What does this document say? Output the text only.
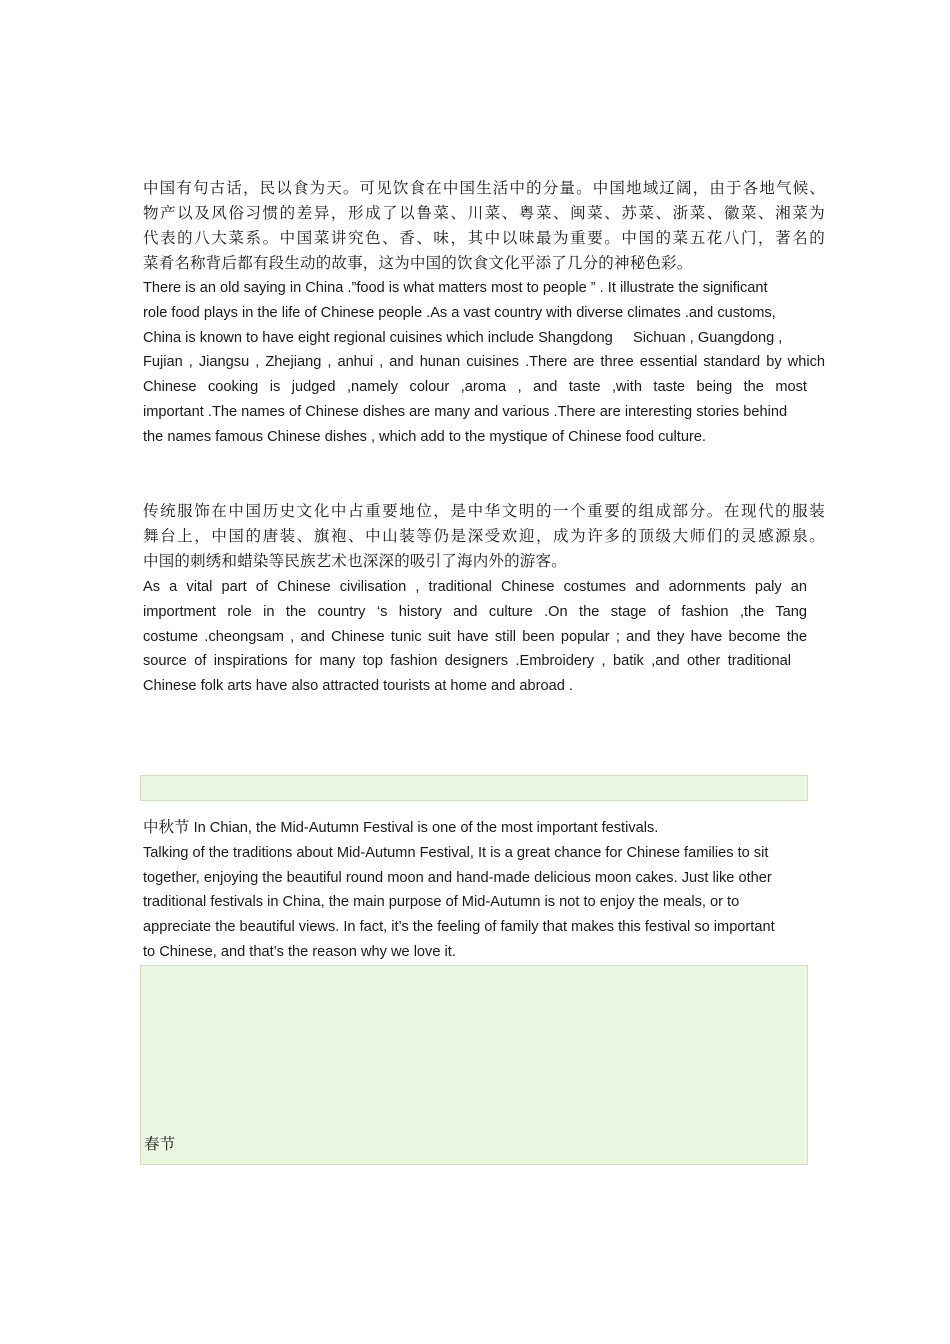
中国有句古话，民以食为天。可见饮食在中国生活中的分量。中国地域辽阔，由于各地气候、
物产以及风俗习惯的差异，形成了以鲁菜、川菜、粤菜、闽菜、苏菜、浙菜、徽菜、湘菜为
代表的八大菜系。中国菜讲究色、香、味，其中以味最为重要。中国的菜五花八门，著名的
菜肴名称背后都有段生动的故事，这为中国的饮食文化平添了几分的神秘色彩。
There is an old saying in China .”food is what matters most to people ” . It illustrate the significant
role food plays in the life of Chinese people .As a vast country with diverse climates .and customs,
China is known to have eight regional cuisines which include Shangdong     Sichuan , Guangdong ,
Fujian , Jiangsu , Zhejiang , anhui , and hunan cuisines .There are three essential standard by which
Chinese cooking is judged ,namely colour ,aroma , and taste ,with taste being the most
important .The names of Chinese dishes are many and various .There are interesting stories behind
the names famous Chinese dishes , which add to the mystique of Chinese food culture.
传统服饰在中国历史文化中占重要地位，是中华文明的一个重要的组成部分。在现代的服装
舞台上，中国的唐装、旗袍、中山装等仍是深受欢迎，成为许多的顶级大师们的灵感源泉。
中国的刺绣和蜡染等民族艺术也深深的吸引了海内外的游客。
As a vital part of Chinese civilisation , traditional Chinese costumes and adornments paly an
importment role in the country ‘s history and culture .On the stage of fashion ,the Tang
costume .cheongsam , and Chinese tunic suit have still been popular ; and they have become the
source of inspirations for many top fashion designers .Embroidery , batik ,and other traditional
Chinese folk arts have also attracted tourists at home and abroad .
中秋节 In Chian, the Mid-Autumn Festival is one of the most important festivals.
Talking of the traditions about Mid-Autumn Festival, It is a great chance for Chinese families to sit
together, enjoying the beautiful round moon and hand-made delicious moon cakes. Just like other
traditional festivals in China, the main purpose of Mid-Autumn is not to enjoy the meals, or to
appreciate the beautiful views. In fact, it’s the feeling of family that makes this festival so important
to Chinese, and that’s the reason why we love it.
春节
